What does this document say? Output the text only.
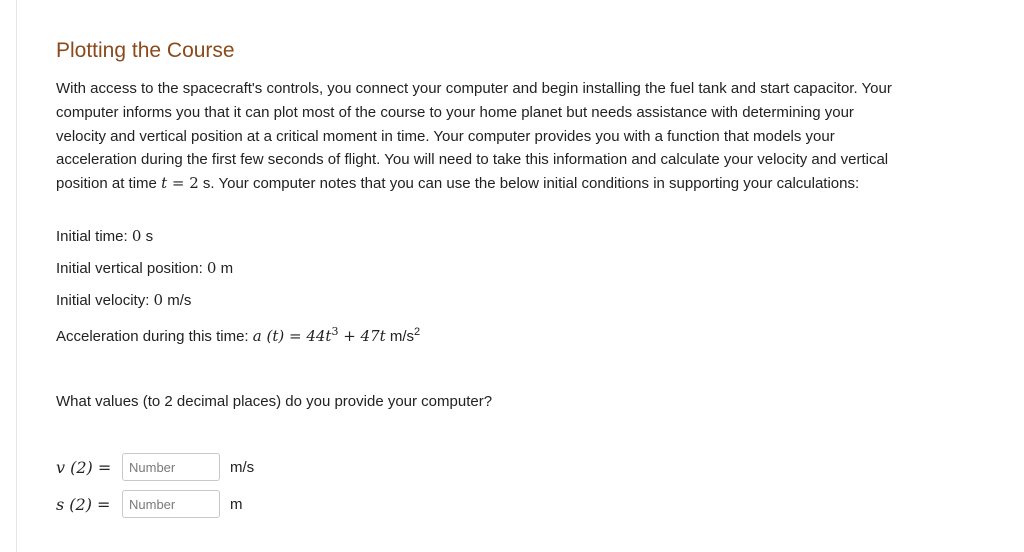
Plotting the Course

With access to the spacecraft's controls, you connect your computer and begin installing the fuel tank and start capacitor. Your computer informs you that it can plot most of the course to your home planet but needs assistance with determining your velocity and vertical position at a critical moment in time. Your computer provides you with a function that models your acceleration during the first few seconds of flight. You will need to take this information and calculate your velocity and vertical position at time t = 2 s. Your computer notes that you can use the below initial conditions in supporting your calculations:

Initial time: 0 s

Initial vertical position: 0 m

Initial velocity: 0 m/s

Acceleration during this time: a $(t) = 44t^3 + 47t$ $m/s^2$

What values (to 2 decimal places) do you provide your computer?

v (2) =
Number	m/s
s (2) =
Number	m
